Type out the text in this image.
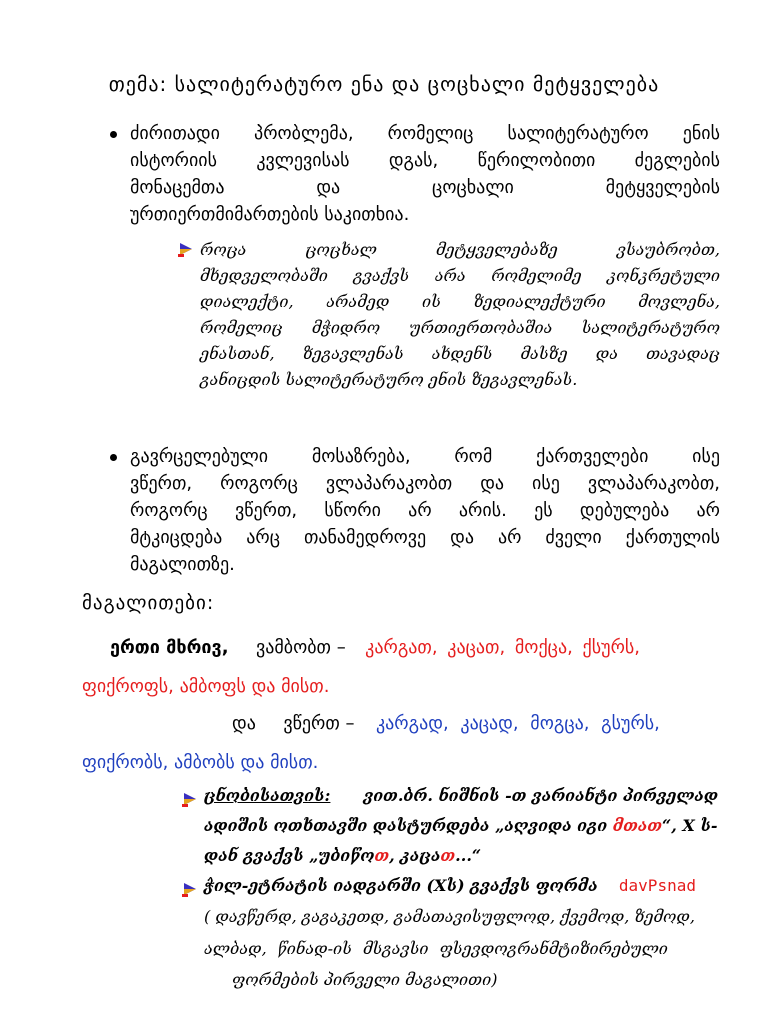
თემა: სალიტერატურო ენა და ცოცხალი მეტყველება
ძირითადი პრობლემა, რომელიც სალიტერატურო ენის
ისტორიის კვლევისას დგას, წერილობითი ძეგლების
მონაცემთა და ცოცხალი მეტყველების
ურთიერთმიმართების საკითხია.
როცა ცოცხალ მეტყველებაზე ვსაუბრობთ,
მხედველობაში გვაქვს არა რომელიმე კონკრეტული
დიალექტი, არამედ ის ზედიალექტური მოვლენა,
რომელიც მჭიდრო ურთიერთობაშია სალიტერატურო
ენასთან, ზეგავლენას ახდენს მასზე და თავადაც
განიცდის სალიტერატურო ენის ზეგავლენას.
გავრცელებული მოსაზრება, რომ ქართველები ისე
ვწერთ, როგორც ვლაპარაკობთ და ისე ვლაპარაკობთ,
როგორც ვწერთ, სწორი არ არის. ეს დებულება არ
მტკიცდება არც თანამედროვე და არ ძველი ქართულის
მაგალითზე.
მაგალითები:
ერთი მხრივ, ვამბობთ – კარგათ, კაცათ, მოქცა, ქსურს,
ფიქროფს, ამბოფს და მისთ.
და ვწერთ – კარგად, კაცად, მოგცა, გსურს,
ფიქრობს, ამბობს და მისთ.
ცნობისათვის: ვით.ბრ. ნიშნის -თ ვარიანტი პირველად
ადიშის ოთხთავში დასტურდება „აღვიდა იგი მთათ“, X ს-
დან გვაქვს „უბიწოთ, კაცათ...“
ჭილ-ეტრატის იადგარში (Xს) გვაქვს ფორმა davPsnad
( დავწერდ, გაგაკეთდ, გამათავისუფლოდ, ქვემოდ, ზემოდ,
ალბად, წინად-ის მსგავსი ფსევდოგრანმტიზირებული
ფორმების პირველი მაგალითი)
